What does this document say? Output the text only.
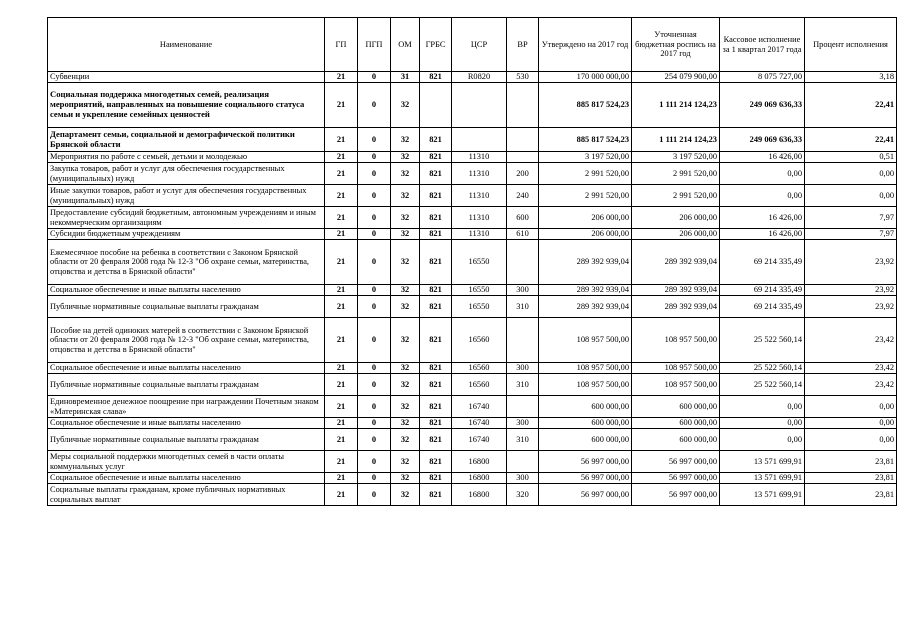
Наименование	ГП	ПГП	ОМ	ГРБС	ЦСР	ВР	Утверждено на 2017 год	Уточненная бюджетная роспись на 2017 год	Кассовое исполнение за 1 квартал 2017 года	Процент исполнения
Субвенции	21	0	31	821	R0820	530	170 000 000,00	254 079 900,00	8 075 727,00	3,18
Социальная поддержка многодетных семей, реализация мероприятий, направленных на повышение социального статуса семьи и укрепление семейных ценностей	21	0	32				885 817 524,23	1 111 214 124,23	249 069 636,33	22,41
Департамент семьи, социальной и демографической политики Брянской области	21	0	32	821			885 817 524,23	1 111 214 124,23	249 069 636,33	22,41
Мероприятия по работе с семьей, детьми и молодежью	21	0	32	821	11310		3 197 520,00	3 197 520,00	16 426,00	0,51
Закупка товаров, работ и услуг для обеспечения государственных (муниципальных) нужд	21	0	32	821	11310	200	2 991 520,00	2 991 520,00	0,00	0,00
Иные закупки товаров, работ и услуг для обеспечения государственных (муниципальных) нужд	21	0	32	821	11310	240	2 991 520,00	2 991 520,00	0,00	0,00
Предоставление субсидий бюджетным, автономным учреждениям и иным некоммерческим организациям	21	0	32	821	11310	600	206 000,00	206 000,00	16 426,00	7,97
Субсидии бюджетным учреждениям	21	0	32	821	11310	610	206 000,00	206 000,00	16 426,00	7,97
Ежемесячное пособие на ребенка в соответствии с Законом Брянской области от 20 февраля 2008 года № 12-З "Об охране семьи, материнства, отцовства и детства в Брянской области"	21	0	32	821	16550		289 392 939,04	289 392 939,04	69 214 335,49	23,92
Социальное обеспечение и иные выплаты населению	21	0	32	821	16550	300	289 392 939,04	289 392 939,04	69 214 335,49	23,92
Публичные нормативные социальные выплаты гражданам	21	0	32	821	16550	310	289 392 939,04	289 392 939,04	69 214 335,49	23,92
Пособие на детей одиноких матерей в соответствии с Законом Брянской области от 20 февраля 2008 года № 12-З "Об охране семьи, материнства, отцовства и детства в Брянской области"	21	0	32	821	16560		108 957 500,00	108 957 500,00	25 522 560,14	23,42
Социальное обеспечение и иные выплаты населению	21	0	32	821	16560	300	108 957 500,00	108 957 500,00	25 522 560,14	23,42
Публичные нормативные социальные выплаты гражданам	21	0	32	821	16560	310	108 957 500,00	108 957 500,00	25 522 560,14	23,42
Единовременное денежное поощрение при награждении Почетным знаком «Материнская слава»	21	0	32	821	16740		600 000,00	600 000,00	0,00	0,00
Социальное обеспечение и иные выплаты населению	21	0	32	821	16740	300	600 000,00	600 000,00	0,00	0,00
Публичные нормативные социальные выплаты гражданам	21	0	32	821	16740	310	600 000,00	600 000,00	0,00	0,00
Меры социальной поддержки многодетных семей в части оплаты коммунальных услуг	21	0	32	821	16800		56 997 000,00	56 997 000,00	13 571 699,91	23,81
Социальное обеспечение и иные выплаты населению	21	0	32	821	16800	300	56 997 000,00	56 997 000,00	13 571 699,91	23,81
Социальные выплаты гражданам, кроме публичных нормативных социальных выплат	21	0	32	821	16800	320	56 997 000,00	56 997 000,00	13 571 699,91	23,81
